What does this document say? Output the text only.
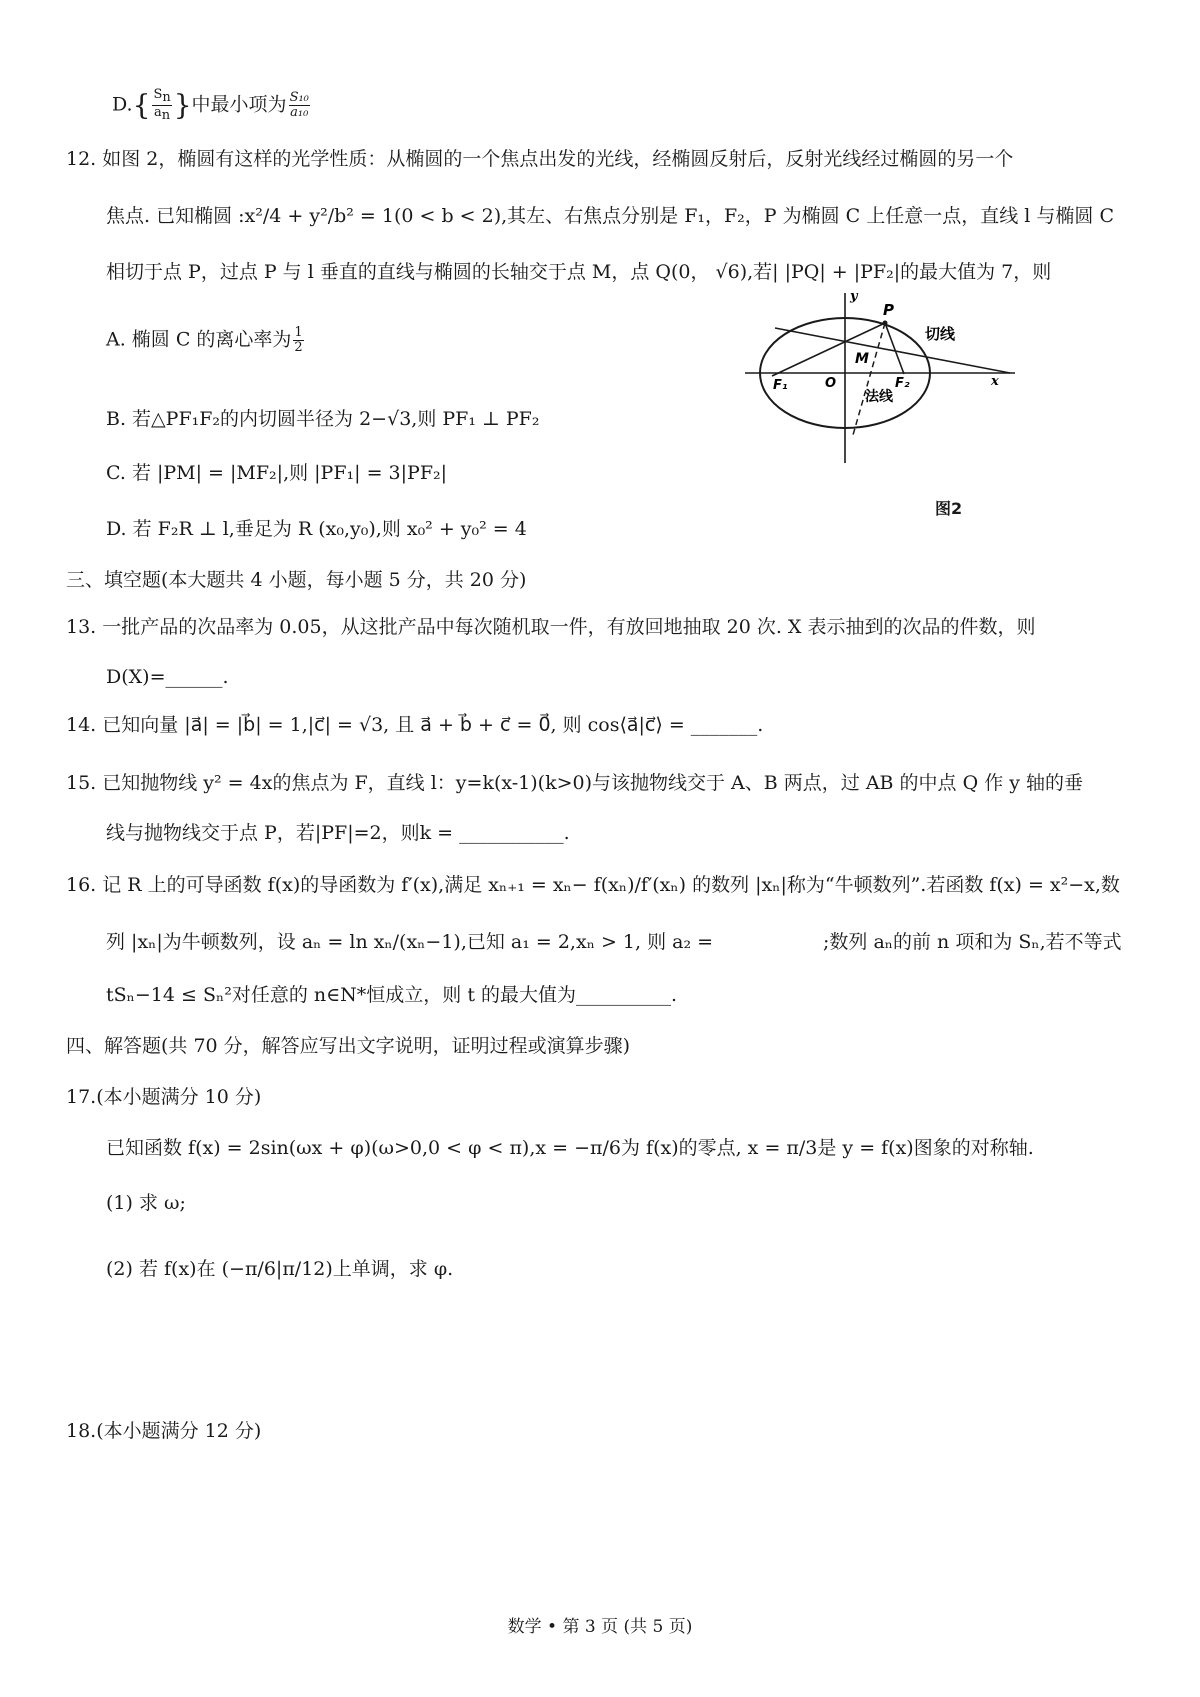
$D.\{ \frac{Sn}{an}$ }中最小项为 $\frac{\text{S₁₀}}{\text{a₁₀}}$
12. 如图 2，椭圆有这样的光学性质：从椭圆的一个焦点出发的光线，经椭圆反射后，反射光线经过椭圆的另一个
焦点. 已知椭圆 :x²/4 + y²/b² = 1(0 < b < 2),其左、右焦点分别是 F₁，F₂，P 为椭圆 C 上任意一点，直线 l 与椭圆 C
相切于点 P，过点 P 与 l 垂直的直线与椭圆的长轴交于点 M，点 Q(0， √6),若| |PQ| + |PF₂|的最大值为 7，则
A. 椭圆 C 的离心率为 $\frac{1}{2}$
B. 若△PF₁F₂的内切圆半径为 2−√3,则 PF₁ ⊥ PF₂
C. 若 |PM| = |MF₂|,则 |PF₁| = 3|PF₂|
D. 若 F₂R ⊥ l,垂足为 R (x₀,y₀),则 x₀² + y₀² = 4
y
x
P
M
O
F₁	F₂
切线
法线
图2
三、填空题(本大题共 4 小题，每小题 5 分，共 20 分)
13. 一批产品的次品率为 0.05，从这批产品中每次随机取一件，有放回地抽取 20 次. X 表示抽到的次品的件数，则
D(X)=______.
14. 已知向量 |a⃗| = |b⃗| = 1,|c⃗| = √3, 且 a⃗ + b⃗ + c⃗ = 0⃗, 则 cos⟨a⃗|c⃗⟩ = _______.
15. 已知抛物线 y² = 4x的焦点为 F，直线 l：y=k(x-1)(k>0)与该抛物线交于 A、B 两点，过 AB 的中点 Q 作 y 轴的垂
线与抛物线交于点 P，若|PF|=2，则k = ___________.
16. 记 R 上的可导函数 f(x)的导函数为 f′(x),满足 xₙ₊₁ = xₙ− f(xₙ)/f′(xₙ) 的数列 |xₙ|称为“牛顿数列”.若函数 f(x) = x²−x,数
列 |xₙ|为牛顿数列，设 aₙ = ln xₙ/(xₙ−1),已知 a₁ = 2,xₙ > 1, 则 a₂ =	;数列 aₙ的前 n 项和为 Sₙ,若不等式
tSₙ−14 ≤ Sₙ²对任意的 n∈N*恒成立，则 t 的最大值为__________.
四、解答题(共 70 分，解答应写出文字说明，证明过程或演算步骤)
17.(本小题满分 10 分)
已知函数 f(x) = 2sin(ωx + φ)(ω>0,0 < φ < π),x = −π/6为 f(x)的零点, x = π/3是 y = f(x)图象的对称轴.
(1) 求 ω;
(2) 若 f(x)在 (−π/6|π/12)上单调，求 φ.
18.(本小题满分 12 分)
数学 • 第 3 页 (共 5 页)
